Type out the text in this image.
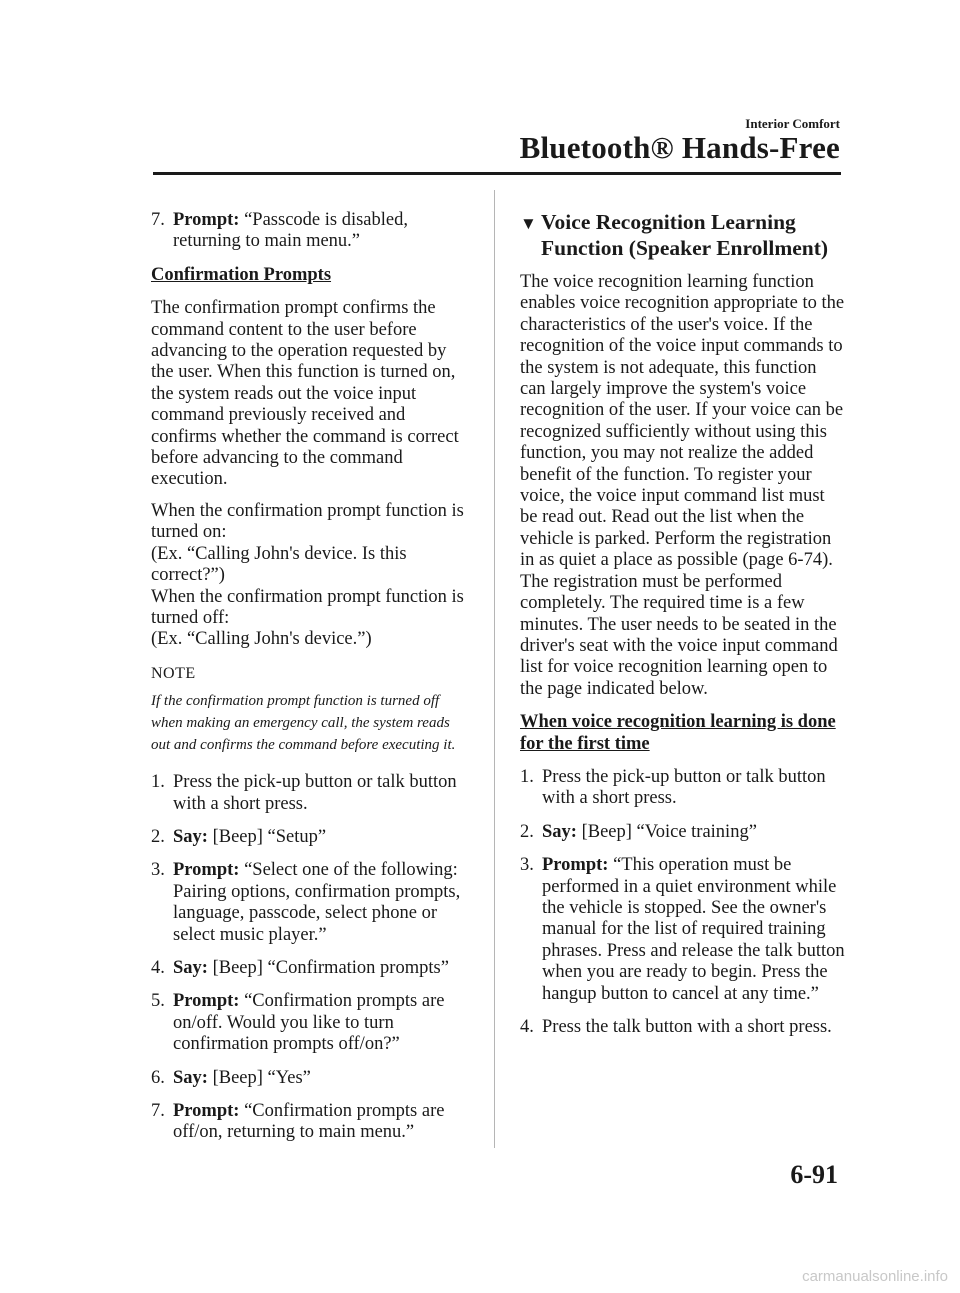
Interior Comfort
Bluetooth® Hands-Free
7. Prompt: “Passcode is disabled, returning to main menu.”

Confirmation Prompts

The confirmation prompt confirms the command content to the user before advancing to the operation requested by the user. When this function is turned on, the system reads out the voice input command previously received and confirms whether the command is correct before advancing to the command execution.

When the confirmation prompt function is turned on:
(Ex. “Calling John's device. Is this correct?”)
When the confirmation prompt function is turned off:
(Ex. “Calling John's device.”)
NOTE
If the confirmation prompt function is turned off when making an emergency call, the system reads out and confirms the command before executing it.
1. Press the pick-up button or talk button with a short press.
2. Say: [Beep] “Setup”
3. Prompt: “Select one of the following: Pairing options, confirmation prompts, language, passcode, select phone or select music player.”
4. Say: [Beep] “Confirmation prompts”
5. Prompt: “Confirmation prompts are on/off. Would you like to turn confirmation prompts off/on?”
6. Say: [Beep] “Yes”
7. Prompt: “Confirmation prompts are off/on, returning to main menu.”
▼ Voice Recognition Learning Function (Speaker Enrollment)

The voice recognition learning function enables voice recognition appropriate to the characteristics of the user's voice. If the recognition of the voice input commands to the system is not adequate, this function can largely improve the system's voice recognition of the user. If your voice can be recognized sufficiently without using this function, you may not realize the added benefit of the function. To register your voice, the voice input command list must be read out. Read out the list when the vehicle is parked. Perform the registration in as quiet a place as possible (page 6-74). The registration must be performed completely. The required time is a few minutes. The user needs to be seated in the driver's seat with the voice input command list for voice recognition learning open to the page indicated below.

When voice recognition learning is done for the first time

1. Press the pick-up button or talk button with a short press.
2. Say: [Beep] “Voice training”
3. Prompt: “This operation must be performed in a quiet environment while the vehicle is stopped. See the owner's manual for the list of required training phrases. Press and release the talk button when you are ready to begin. Press the hangup button to cancel at any time.”
4. Press the talk button with a short press.
6-91
carmanualsonline.info
